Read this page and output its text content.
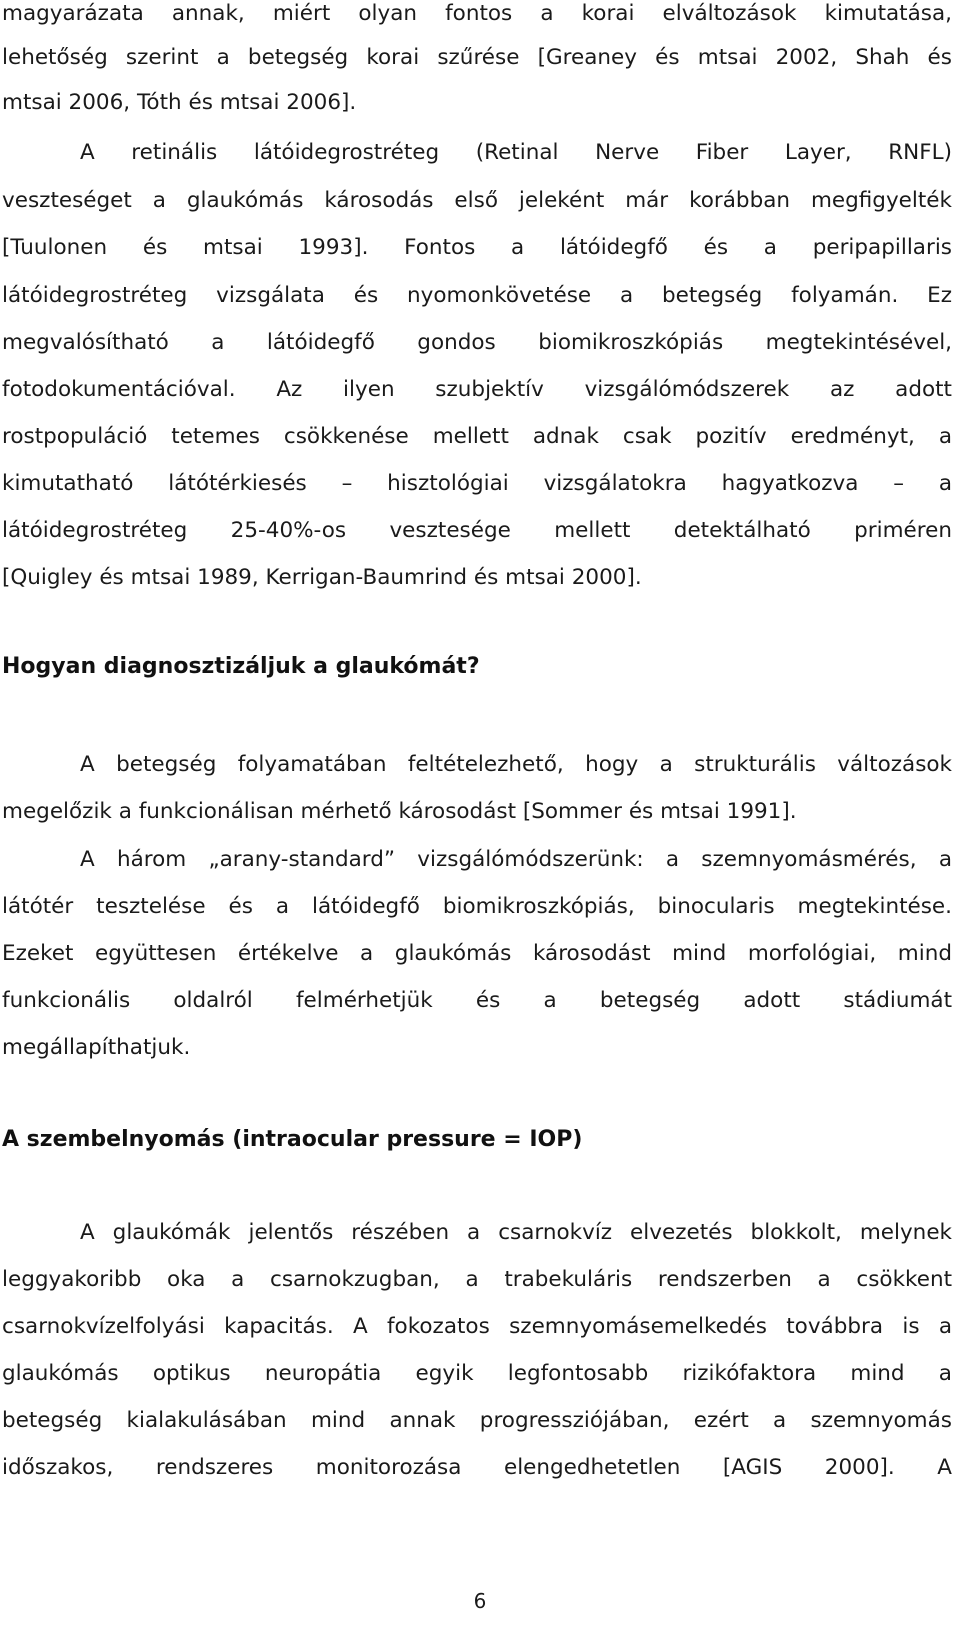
magyarázata annak, miért olyan fontos a korai elváltozások kimutatása,
lehetőség szerint a betegség korai szűrése [Greaney és mtsai 2002, Shah és
mtsai 2006, Tóth és mtsai 2006].
A retinális látóidegrostréteg (Retinal Nerve Fiber Layer, RNFL)
veszteséget a glaukómás károsodás első jeleként már korábban megfigyelték
[Tuulonen és mtsai 1993]. Fontos a látóidegfő és a peripapillaris
látóidegrostréteg vizsgálata és nyomonkövetése a betegség folyamán. Ez
megvalósítható a látóidegfő gondos biomikroszkópiás megtekintésével,
fotodokumentációval. Az ilyen szubjektív vizsgálómódszerek az adott
rostpopuláció tetemes csökkenése mellett adnak csak pozitív eredményt, a
kimutatható látótérkiesés – hisztológiai vizsgálatokra hagyatkozva – a
látóidegrostréteg 25-40%-os vesztesége mellett detektálható priméren
[Quigley és mtsai 1989, Kerrigan-Baumrind és mtsai 2000].
Hogyan diagnosztizáljuk a glaukómát?
A betegség folyamatában feltételezhető, hogy a strukturális változások
megelőzik a funkcionálisan mérhető károsodást [Sommer és mtsai 1991].
A három „arany-standard” vizsgálómódszerünk: a szemnyomásmérés, a
látótér tesztelése és a látóidegfő biomikroszkópiás, binocularis megtekintése.
Ezeket együttesen értékelve a glaukómás károsodást mind morfológiai, mind
funkcionális oldalról felmérhetjük és a betegség adott stádiumát
megállapíthatjuk.
A szembelnyomás (intraocular pressure = IOP)
A glaukómák jelentős részében a csarnokvíz elvezetés blokkolt, melynek
leggyakoribb oka a csarnokzugban, a trabekuláris rendszerben a csökkent
csarnokvízelfolyási kapacitás. A fokozatos szemnyomásemelkedés továbbra is a
glaukómás optikus neuropátia egyik legfontosabb rizikófaktora mind a
betegség kialakulásában mind annak progressziójában, ezért a szemnyomás
időszakos, rendszeres monitorozása elengedhetetlen [AGIS 2000]. A
6
